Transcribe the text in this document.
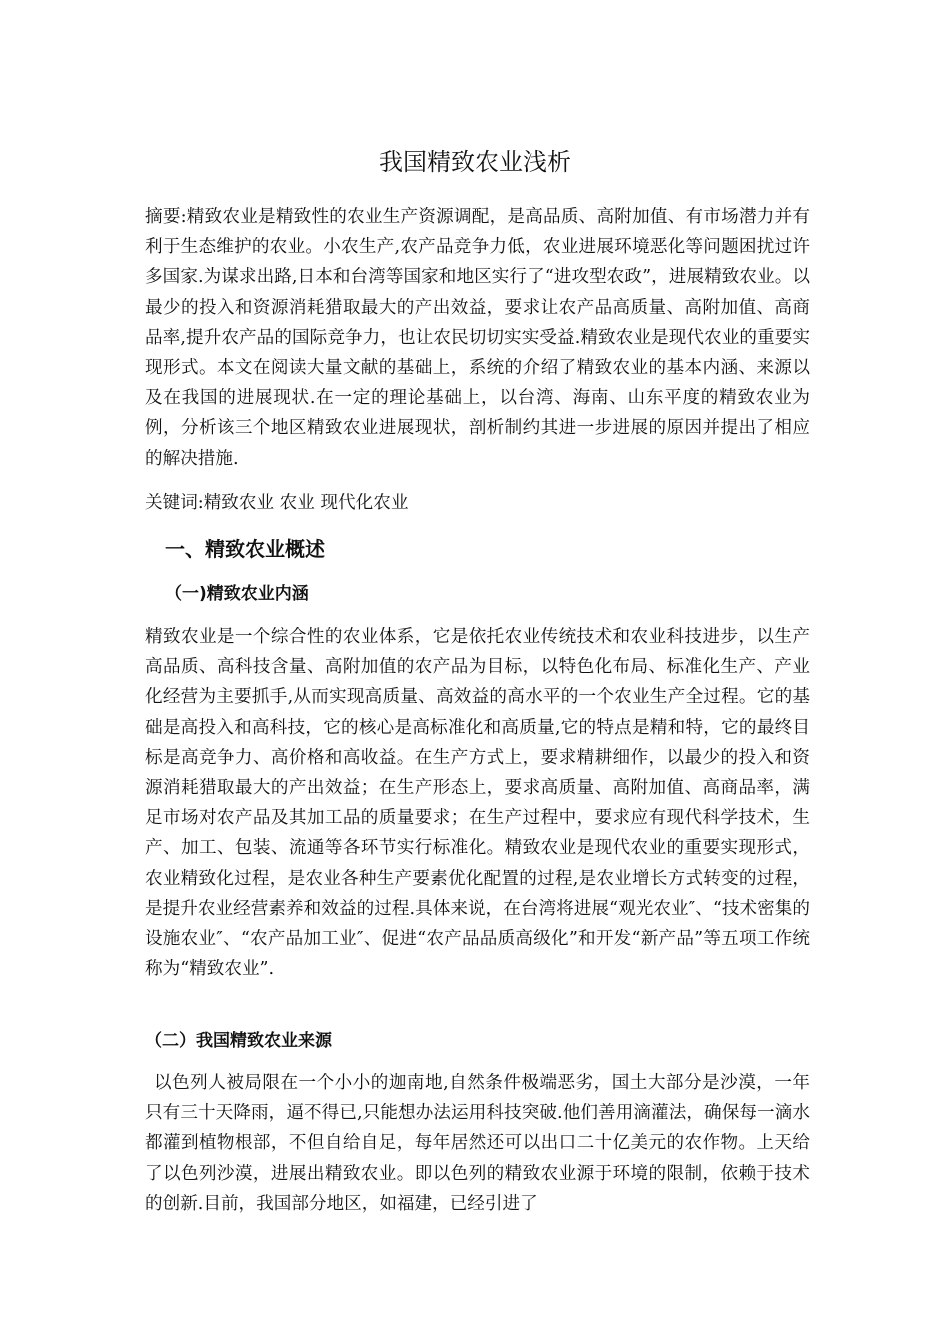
我国精致农业浅析

摘要:精致农业是精致性的农业生产资源调配，是高品质、高附加值、有市场潜力并有利于生态维护的农业。小农生产,农产品竞争力低，农业进展环境恶化等问题困扰过许多国家.为谋求出路,日本和台湾等国家和地区实行了“进攻型农政”，进展精致农业。以最少的投入和资源消耗猎取最大的产出效益，要求让农产品高质量、高附加值、高商品率,提升农产品的国际竞争力，也让农民切切实实受益.精致农业是现代农业的重要实现形式。本文在阅读大量文献的基础上，系统的介绍了精致农业的基本内涵、来源以及在我国的进展现状.在一定的理论基础上，以台湾、海南、山东平度的精致农业为例，分析该三个地区精致农业进展现状，剖析制约其进一步进展的原因并提出了相应的解决措施.

关键词:精致农业 农业 现代化农业

一、精致农业概述
（一)精致农业内涵

精致农业是一个综合性的农业体系，它是依托农业传统技术和农业科技进步，以生产高品质、高科技含量、高附加值的农产品为目标，以特色化布局、标准化生产、产业化经营为主要抓手,从而实现高质量、高效益的高水平的一个农业生产全过程。它的基础是高投入和高科技，它的核心是高标准化和高质量,它的特点是精和特，它的最终目标是高竞争力、高价格和高收益。在生产方式上，要求精耕细作，以最少的投入和资源消耗猎取最大的产出效益；在生产形态上，要求高质量、高附加值、高商品率，满足市场对农产品及其加工品的质量要求；在生产过程中，要求应有现代科学技术，生产、加工、包装、流通等各环节实行标准化。精致农业是现代农业的重要实现形式，农业精致化过程，是农业各种生产要素优化配置的过程,是农业增长方式转变的过程，是提升农业经营素养和效益的过程.具体来说，在台湾将进展“观光农业″、“技术密集的设施农业″、“农产品加工业″、促进“农产品品质高级化”和开发“新产品”等五项工作统称为“精致农业”.

（二）我国精致农业来源

以色列人被局限在一个小小的迦南地,自然条件极端恶劣，国土大部分是沙漠，一年只有三十天降雨，逼不得已,只能想办法运用科技突破.他们善用滴灌法，确保每一滴水都灌到植物根部，不但自给自足，每年居然还可以出口二十亿美元的农作物。上天给了以色列沙漠，进展出精致农业。即以色列的精致农业源于环境的限制，依赖于技术的创新.目前，我国部分地区，如福建，已经引进了
